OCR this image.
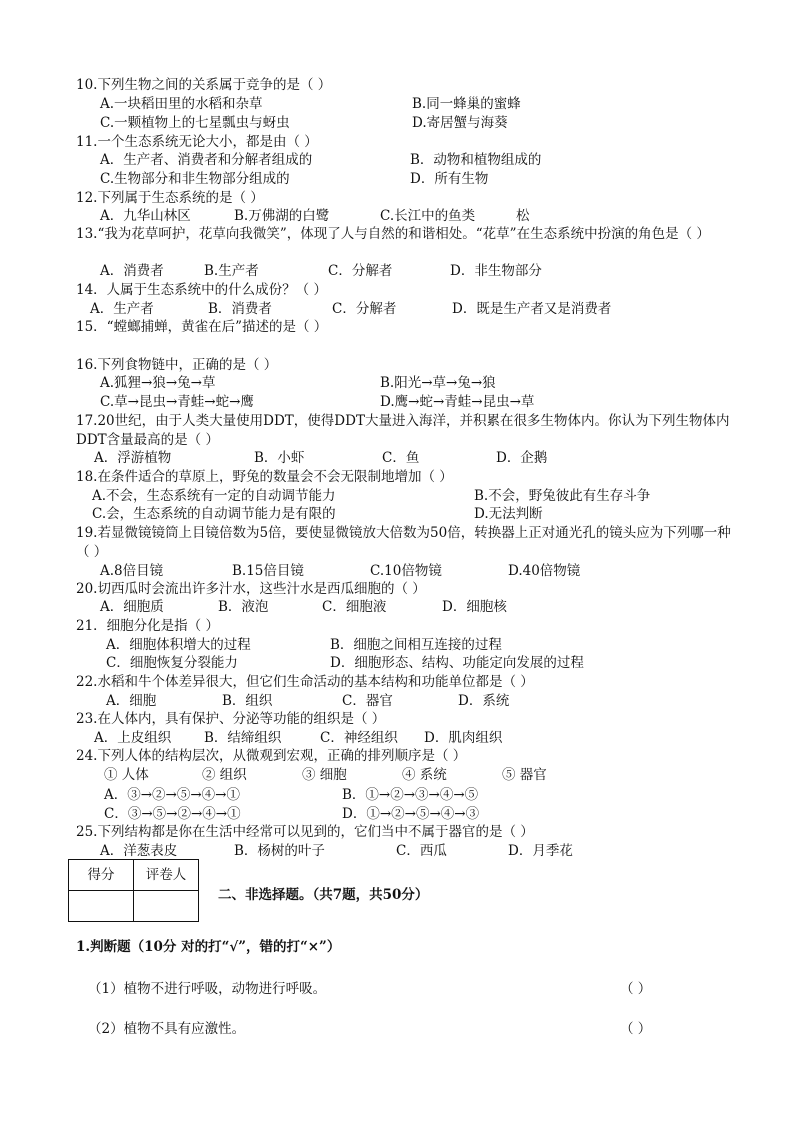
10.下列生物之间的关系属于竞争的是（ ）
A.一块稻田里的水稻和杂草	B.同一蜂巢的蜜蜂
C.一颗植物上的七星瓢虫与蚜虫	D.寄居蟹与海葵
11.一个生态系统无论大小，都是由（ ）
A．生产者、消费者和分解者组成的	B．动物和植物组成的
C.生物部分和非生物部分组成的	D．所有生物
12.下列属于生态系统的是（ ）
A．九华山林区	B.万佛湖的白鹭	C.长江中的鱼类	松
13.“我为花草呵护，花草向我微笑”，体现了人与自然的和谐相处。“花草”在生态系统中扮演的角色是（ ）
A．消费者	B.生产者	C．分解者	D．非生物部分
14．人属于生态系统中的什么成份？（ ）
A．生产者	B．消费者	C．分解者	D．既是生产者又是消费者
15．“螳螂捕蝉，黄雀在后”描述的是（ ）
16.下列食物链中，正确的是（ ）
A.狐狸→狼→兔→草	B.阳光→草→兔→狼
C.草→昆虫→青蛙→蛇→鹰	D.鹰→蛇→青蛙→昆虫→草
17.20世纪，由于人类大量使用DDT，使得DDT大量进入海洋，并积累在很多生物体内。你认为下列生物体内DDT含量最高的是（ ）
A．浮游植物	B．小虾	C．鱼	D．企鹅
18.在条件适合的草原上，野兔的数量会不会无限制地增加（ ）
A.不会，生态系统有一定的自动调节能力	B.不会，野兔彼此有生存斗争
C.会，生态系统的自动调节能力是有限的	D.无法判断
19.若显微镜镜筒上目镜倍数为5倍，要使显微镜放大倍数为50倍，转换器上正对通光孔的镜头应为下列哪一种（ ）
A.8倍目镜	B.15倍目镜	C.10倍物镜	D.40倍物镜
20.切西瓜时会流出许多汁水，这些汁水是西瓜细胞的（ ）
A．细胞质	B．液泡	C．细胞液	D．细胞核
21．细胞分化是指（ ）
A．细胞体积增大的过程	B．细胞之间相互连接的过程
C．细胞恢复分裂能力	D．细胞形态、结构、功能定向发展的过程
22.水稻和牛个体差异很大，但它们生命活动的基本结构和功能单位都是（ ）
A．细胞	B．组织	C．器官	D．系统
23.在人体内，具有保护、分泌等功能的组织是（ ）
A．上皮组织 B．结缔组织	C．神经组织 D．肌肉组织
24.下列人体的结构层次，从微观到宏观，正确的排列顺序是（ ）
① 人体	② 组织	③ 细胞	④ 系统	⑤ 器官
A．③→②→⑤→④→①	B．①→②→③→④→⑤
C．③→⑤→②→④→①	D．①→②→⑤→④→③
25.下列结构都是你在生活中经常可以见到的，它们当中不属于器官的是（ ）
A．洋葱表皮	B．杨树的叶子	C．西瓜	D．月季花
得分	评卷人

二、非选择题。（共7题，共50分）
1.判断题（10分 对的打“√”，错的打“×”）
（1）植物不进行呼吸，动物进行呼吸。	（ ）
（2）植物不具有应激性。	（ ）
